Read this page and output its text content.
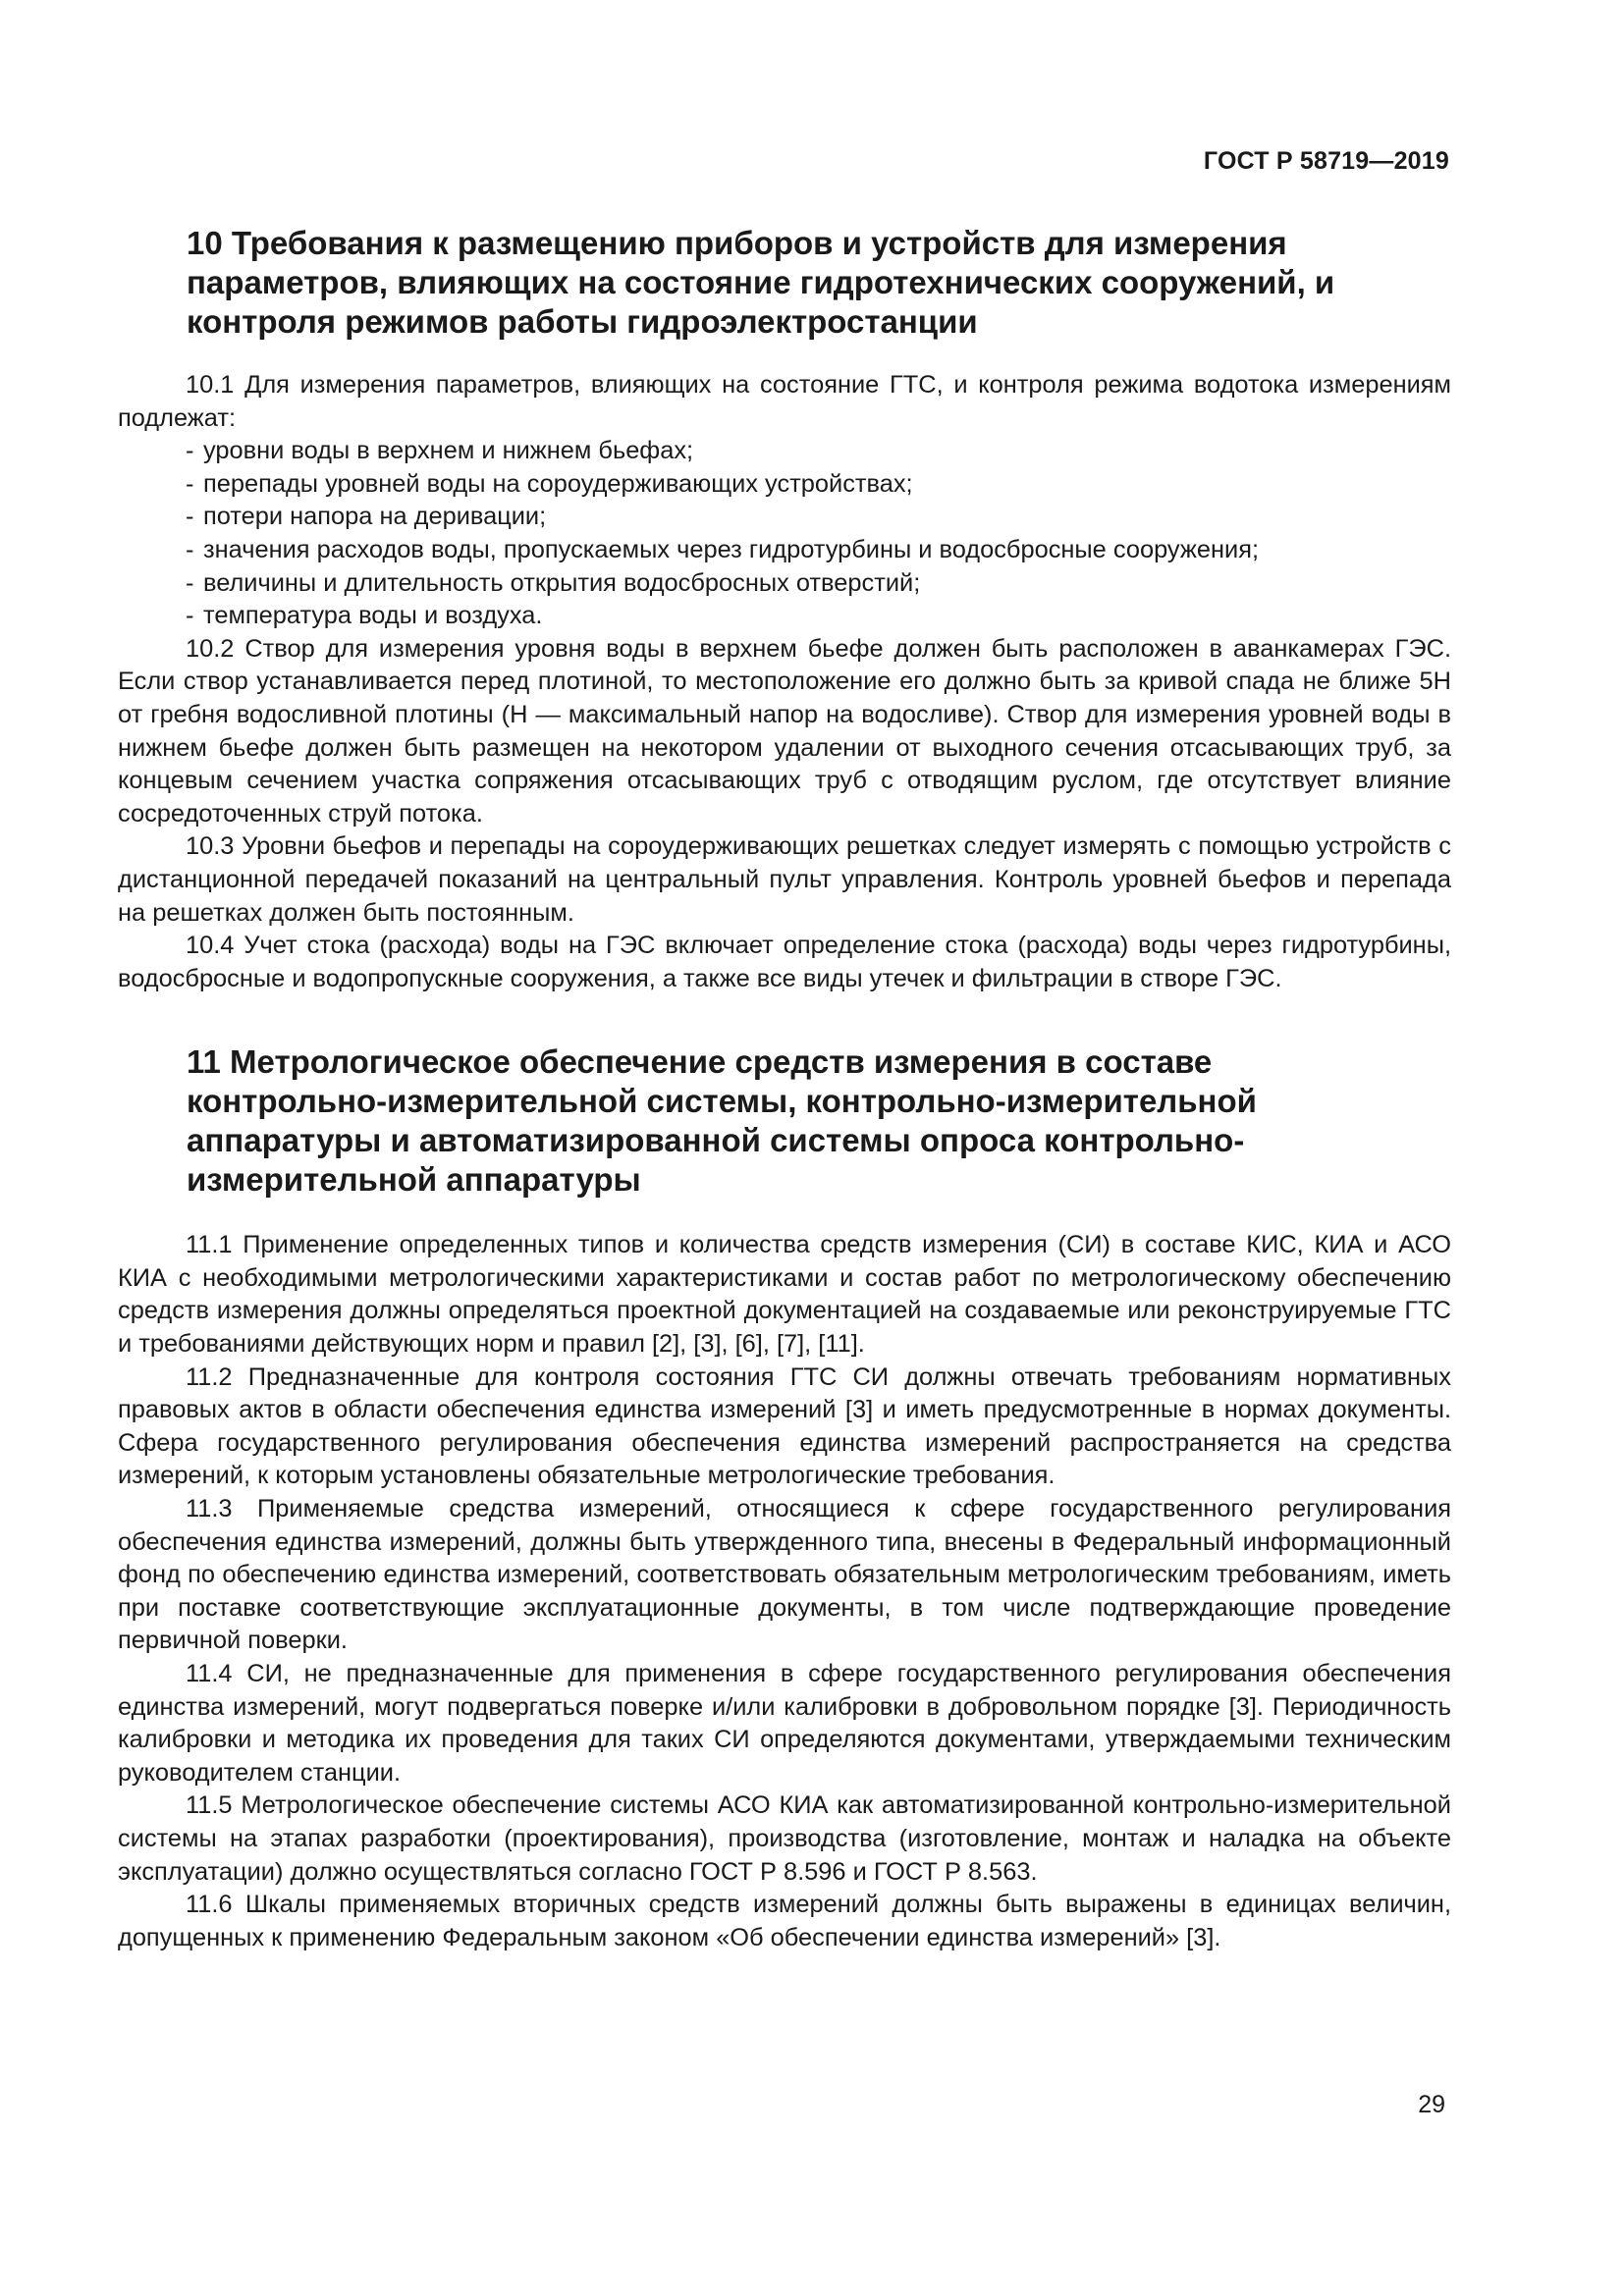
ГОСТ Р 58719—2019
10 Требования к размещению приборов и устройств для измерения параметров, влияющих на состояние гидротехнических сооружений, и контроля режимов работы гидроэлектростанции

10.1 Для измерения параметров, влияющих на состояние ГТС, и контроля режима водотока измерениям подлежат:

- уровни воды в верхнем и нижнем бьефах;
- перепады уровней воды на сороудерживающих устройствах;
- потери напора на деривации;
- значения расходов воды, пропускаемых через гидротурбины и водосбросные сооружения;
- величины и длительность открытия водосбросных отверстий;
- температура воды и воздуха.

10.2 Створ для измерения уровня воды в верхнем бьефе должен быть расположен в аванкамерах ГЭС. Если створ устанавливается перед плотиной, то местоположение его должно быть за кривой спада не ближе 5Н от гребня водосливной плотины (Н — максимальный напор на водосливе). Створ для измерения уровней воды в нижнем бьефе должен быть размещен на некотором удалении от выходного сечения отсасывающих труб, за концевым сечением участка сопряжения отсасывающих труб с отводящим руслом, где отсутствует влияние сосредоточенных струй потока.

10.3 Уровни бьефов и перепады на сороудерживающих решетках следует измерять с помощью устройств с дистанционной передачей показаний на центральный пульт управления. Контроль уровней бьефов и перепада на решетках должен быть постоянным.

10.4 Учет стока (расхода) воды на ГЭС включает определение стока (расхода) воды через гидротурбины, водосбросные и водопропускные сооружения, а также все виды утечек и фильтрации в створе ГЭС.

11 Метрологическое обеспечение средств измерения в составе контрольно-измерительной системы, контрольно-измерительной аппаратуры и автоматизированной системы опроса контрольно-измерительной аппаратуры

11.1 Применение определенных типов и количества средств измерения (СИ) в составе КИС, КИА и АСО КИА с необходимыми метрологическими характеристиками и состав работ по метрологическому обеспечению средств измерения должны определяться проектной документацией на создаваемые или реконструируемые ГТС и требованиями действующих норм и правил [2], [3], [6], [7], [11].

11.2 Предназначенные для контроля состояния ГТС СИ должны отвечать требованиям нормативных правовых актов в области обеспечения единства измерений [3] и иметь предусмотренные в нормах документы. Сфера государственного регулирования обеспечения единства измерений распространяется на средства измерений, к которым установлены обязательные метрологические требования.

11.3 Применяемые средства измерений, относящиеся к сфере государственного регулирования обеспечения единства измерений, должны быть утвержденного типа, внесены в Федеральный информационный фонд по обеспечению единства измерений, соответствовать обязательным метрологическим требованиям, иметь при поставке соответствующие эксплуатационные документы, в том числе подтверждающие проведение первичной поверки.

11.4 СИ, не предназначенные для применения в сфере государственного регулирования обеспечения единства измерений, могут подвергаться поверке и/или калибровки в добровольном порядке [3]. Периодичность калибровки и методика их проведения для таких СИ определяются документами, утверждаемыми техническим руководителем станции.

11.5 Метрологическое обеспечение системы АСО КИА как автоматизированной контрольно-измерительной системы на этапах разработки (проектирования), производства (изготовление, монтаж и наладка на объекте эксплуатации) должно осуществляться согласно ГОСТ Р 8.596 и ГОСТ Р 8.563.

11.6 Шкалы применяемых вторичных средств измерений должны быть выражены в единицах величин, допущенных к применению Федеральным законом «Об обеспечении единства измерений» [3].

29
